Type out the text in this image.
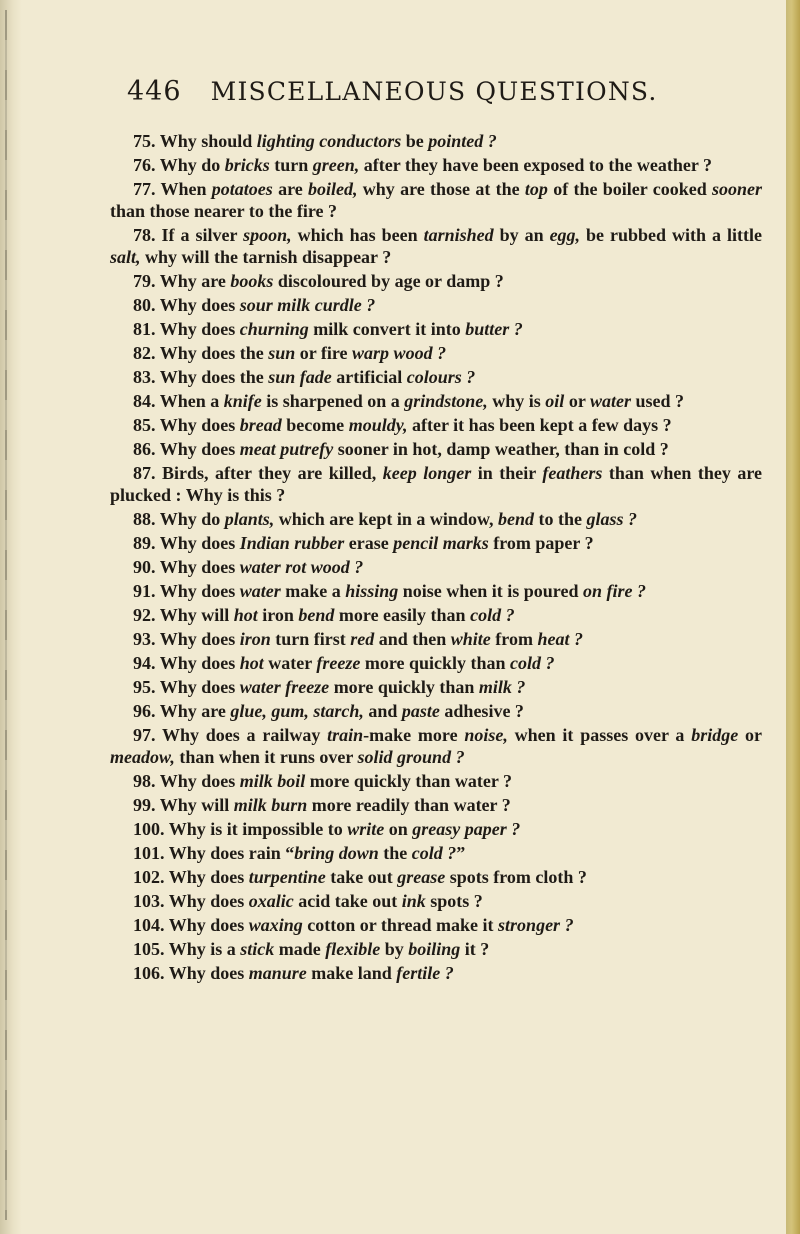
446 MISCELLANEOUS QUESTIONS.

75. Why should lighting conductors be pointed ?

76. Why do bricks turn green, after they have been exposed to the weather ?

77. When potatoes are boiled, why are those at the top of the boiler cooked sooner than those nearer to the fire ?

78. If a silver spoon, which has been tarnished by an egg, be rubbed with a little salt, why will the tarnish disappear ?

79. Why are books discoloured by age or damp ?

80. Why does sour milk curdle ?

81. Why does churning milk convert it into butter ?

82. Why does the sun or fire warp wood ?

83. Why does the sun fade artificial colours ?

84. When a knife is sharpened on a grindstone, why is oil or water used ?

85. Why does bread become mouldy, after it has been kept a few days ?

86. Why does meat putrefy sooner in hot, damp weather, than in cold ?

87. Birds, after they are killed, keep longer in their feathers than when they are plucked : Why is this ?

88. Why do plants, which are kept in a window, bend to the glass ?

89. Why does Indian rubber erase pencil marks from paper ?

90. Why does water rot wood ?

91. Why does water make a hissing noise when it is poured on fire ?

92. Why will hot iron bend more easily than cold ?

93. Why does iron turn first red and then white from heat ?

94. Why does hot water freeze more quickly than cold ?

95. Why does water freeze more quickly than milk ?

96. Why are glue, gum, starch, and paste adhesive ?

97. Why does a railway train-make more noise, when it passes over a bridge or meadow, than when it runs over solid ground ?

98. Why does milk boil more quickly than water ?

99. Why will milk burn more readily than water ?

100. Why is it impossible to write on greasy paper ?

101. Why does rain “bring down the cold ?”

102. Why does turpentine take out grease spots from cloth ?

103. Why does oxalic acid take out ink spots ?

104. Why does waxing cotton or thread make it stronger ?

105. Why is a stick made flexible by boiling it ?

106. Why does manure make land fertile ?
